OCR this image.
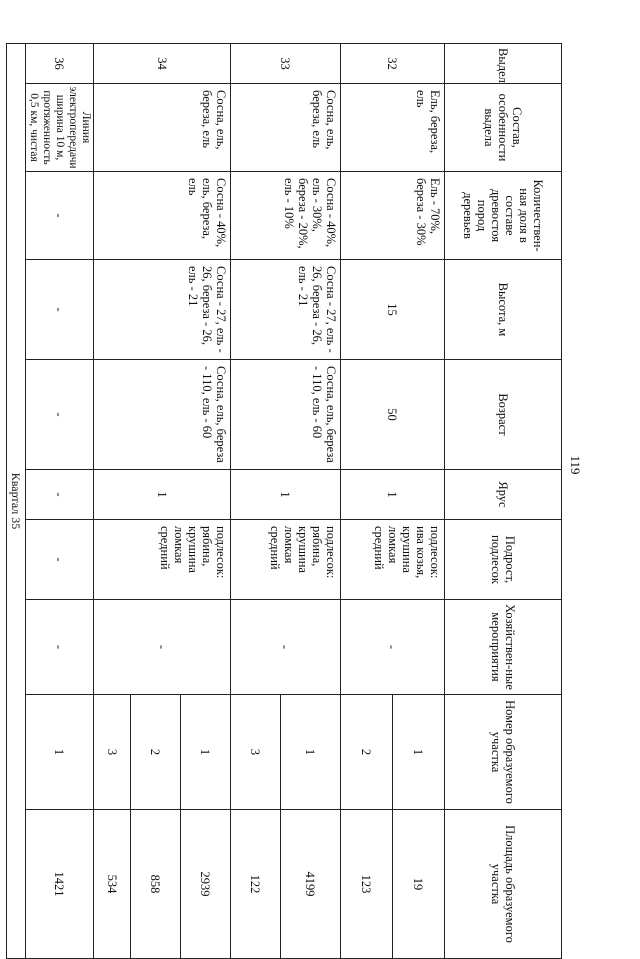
119
Выдел	Состав, особенности выдела	Количествен-ная доля в составе древостоя пород деревьев	Высота, м	Возраст	Ярус	Подрост, подлесок	Хозяйствен-ные мероприятия	Номер образуемого участка	Площадь образуемого участка
32	Ель, береза, ель	Ель - 70%, береза - 30%	15	50	1	подлесок: ива козья, крушина ломкая средний	-	1	19
								2	123
33	Сосна, ель, береза, ель	Сосна - 40%, ель - 30%, береза - 20%, ель - 10%	Сосна - 27, ель - 26, береза - 26, ель - 21	Сосна, ель, береза - 110, ель - 60	1	подлесок: рябина, крушина ломкая средний	-	1	4199
								3	122
34	Сосна, ель, береза, ель	Сосна - 40%, ель, береза, ель	Сосна - 27, ель - 26, береза - 26, ель - 21	Сосна, ель, береза - 110, ель - 60	1	подлесок: рябина, крушина ломкая средний	-	1	2939
								2	858
								3	534
36	Линия электропередачи ширина 10 м, протяженность 0,5 км, чистая	-	-	-	-	-	-	1	1421
Квартал 35									
